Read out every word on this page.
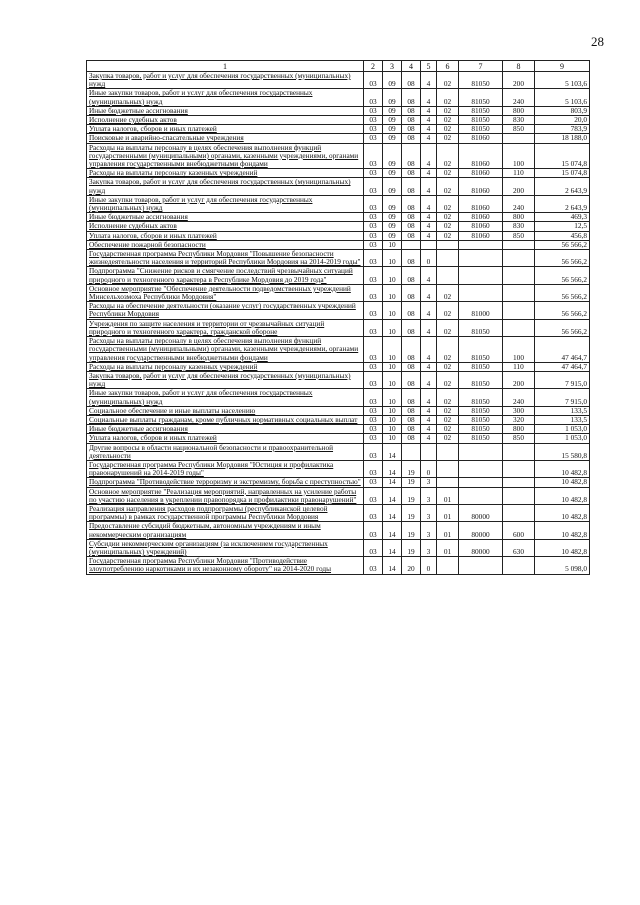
28
1	2	3	4	5	6	7	8	9
Закупка товаров, работ и услуг для обеспечения государственных (муниципальных) нужд	03	09	08	4	02	81050	200	5 103,6
Иные закупки товаров, работ и услуг для обеспечения государственных (муниципальных) нужд	03	09	08	4	02	81050	240	5 103,6
Иные бюджетные ассигнования	03	09	08	4	02	81050	800	803,9
Исполнение судебных актов	03	09	08	4	02	81050	830	20,0
Уплата налогов, сборов и иных платежей	03	09	08	4	02	81050	850	783,9
Поисковые и аварийно-спасательные учреждения	03	09	08	4	02	81060		18 188,0
Расходы на выплаты персоналу в целях обеспечения выполнения функций государственными (муниципальными) органами, казенными учреждениями, органами управления государственными внебюджетными фондами	03	09	08	4	02	81060	100	15 074,8
Расходы на выплаты персоналу казенных учреждений	03	09	08	4	02	81060	110	15 074,8
Закупка товаров, работ и услуг для обеспечения государственных (муниципальных) нужд	03	09	08	4	02	81060	200	2 643,9
Иные закупки товаров, работ и услуг для обеспечения государственных (муниципальных) нужд	03	09	08	4	02	81060	240	2 643,9
Иные бюджетные ассигнования	03	09	08	4	02	81060	800	469,3
Исполнение судебных актов	03	09	08	4	02	81060	830	12,5
Уплата налогов, сборов и иных платежей	03	09	08	4	02	81060	850	456,8
Обеспечение пожарной безопасности	03	10						56 566,2
Государственная программа Республики Мордовия "Повышение безопасности жизнедеятельности населения и территорий Республики Мордовия на 2014-2019 годы"	03	10	08	0				56 566,2
Подпрограмма "Снижение рисков и смягчение последствий чрезвычайных ситуаций природного и техногенного характера в Республике Мордовия до 2019 года"	03	10	08	4				56 566,2
Основное мероприятие "Обеспечение деятельности подведомственных учреждений Минсельхозмоха Республики Мордовия"	03	10	08	4	02			56 566,2
Расходы на обеспечение деятельности (оказание услуг) государственных учреждений Республики Мордовия	03	10	08	4	02	81000		56 566,2
Учреждения по защите населения и территории от чрезвычайных ситуаций природного и техногенного характера, гражданской обороне	03	10	08	4	02	81050		56 566,2
Расходы на выплаты персоналу в целях обеспечения выполнения функций государственными (муниципальными) органами, казенными учреждениями, органами управления государственными внебюджетными фондами	03	10	08	4	02	81050	100	47 464,7
Расходы на выплаты персоналу казенных учреждений	03	10	08	4	02	81050	110	47 464,7
Закупка товаров, работ и услуг для обеспечения государственных (муниципальных) нужд	03	10	08	4	02	81050	200	7 915,0
Иные закупки товаров, работ и услуг для обеспечения государственных (муниципальных) нужд	03	10	08	4	02	81050	240	7 915,0
Социальное обеспечение и иные выплаты населению	03	10	08	4	02	81050	300	133,5
Социальные выплаты гражданам, кроме публичных нормативных социальных выплат	03	10	08	4	02	81050	320	133,5
Иные бюджетные ассигнования	03	10	08	4	02	81050	800	1 053,0
Уплата налогов, сборов и иных платежей	03	10	08	4	02	81050	850	1 053,0
Другие вопросы в области национальной безопасности и правоохранительной деятельности	03	14						15 580,8
Государственная программа Республики Мордовия "Юстиция и профилактика правонарушений на 2014-2019 годы"	03	14	19	0				10 482,8
Подпрограмма "Противодействие терроризму и экстремизму, борьба с преступностью"	03	14	19	3				10 482,8
Основное мероприятие "Реализация мероприятий, направленных на усиление работы по участию населения в укреплении правопорядка и профилактики правонарушений"	03	14	19	3	01			10 482,8
Реализация направления расходов подпрограммы (республиканской целевой программы) в рамках государственной программы Республики Мордовия	03	14	19	3	01	80000		10 482,8
Предоставление субсидий бюджетным, автономным учреждениям и иным некоммерческим организациям	03	14	19	3	01	80000	600	10 482,8
Субсидии некоммерческим организациям (за исключением государственных (муниципальных) учреждений)	03	14	19	3	01	80000	630	10 482,8
Государственная программа Республики Мордовия "Противодействие злоупотреблению наркотиками и их незаконному обороту" на 2014-2020 годы	03	14	20	0				5 098,0
